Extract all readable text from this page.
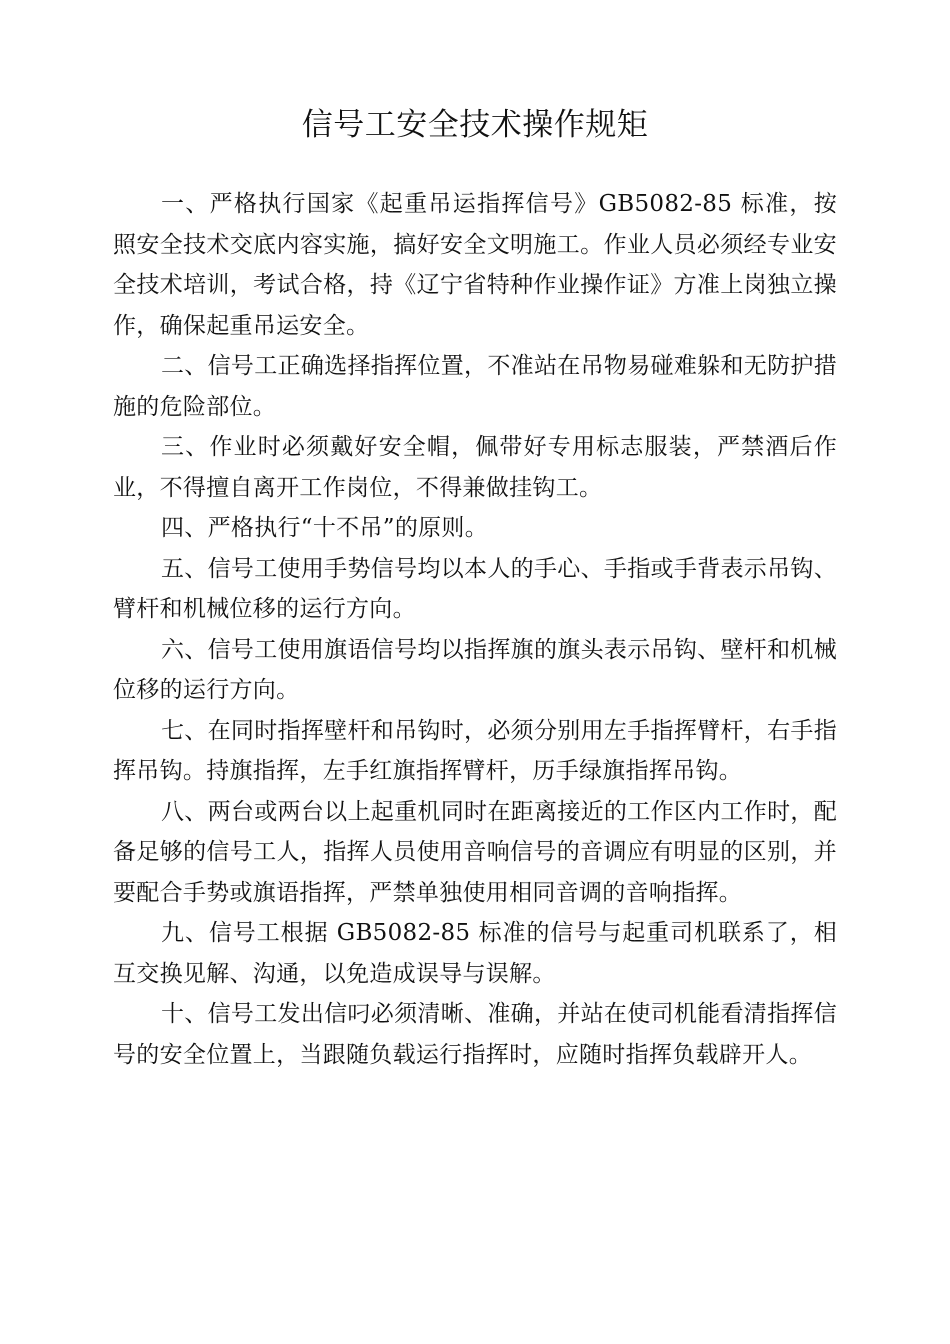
信号工安全技术操作规矩

一、严格执行国家《起重吊运指挥信号》GB5082-85 标准，按照安全技术交底内容实施，搞好安全文明施工。作业人员必须经专业安全技术培训，考试合格，持《辽宁省特种作业操作证》方准上岗独立操作，确保起重吊运安全。

二、信号工正确选择指挥位置，不准站在吊物易碰难躲和无防护措施的危险部位。

三、作业时必须戴好安全帽，佩带好专用标志服装，严禁酒后作业，不得擅自离开工作岗位，不得兼做挂钩工。

四、严格执行“十不吊”的原则。

五、信号工使用手势信号均以本人的手心、手指或手背表示吊钩、臂杆和机械位移的运行方向。

六、信号工使用旗语信号均以指挥旗的旗头表示吊钩、壁杆和机械位移的运行方向。

七、在同时指挥壁杆和吊钩时，必须分别用左手指挥臂杆，右手指挥吊钩。持旗指挥，左手红旗指挥臂杆，历手绿旗指挥吊钩。

八、两台或两台以上起重机同时在距离接近的工作区内工作时，配备足够的信号工人，指挥人员使用音响信号的音调应有明显的区别，并要配合手势或旗语指挥，严禁单独使用相同音调的音响指挥。

九、信号工根据 GB5082-85 标准的信号与起重司机联系了，相互交换见解、沟通，以免造成误导与误解。

十、信号工发出信叼必须清晰、准确，并站在使司机能看清指挥信号的安全位置上，当跟随负载运行指挥时，应随时指挥负载辟开人。
